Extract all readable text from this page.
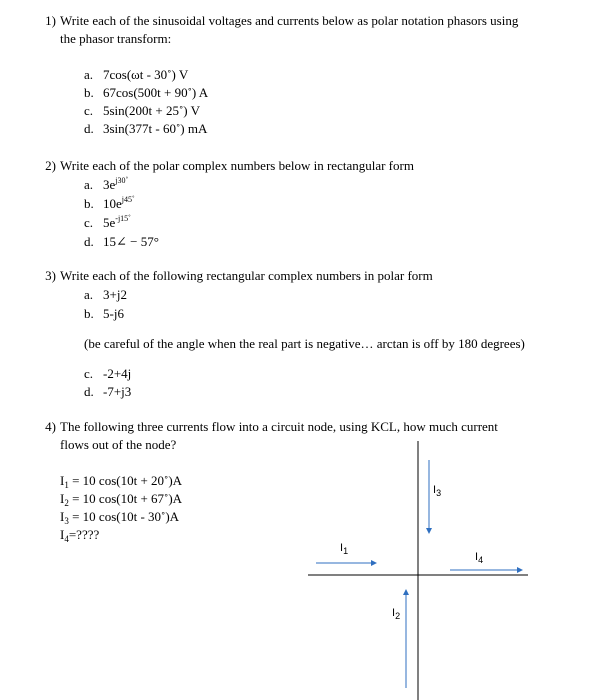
1) Write each of the sinusoidal voltages and currents below as polar notation phasors using
the phasor transform:
a. 7cos(ωt - 30˚) V
b. 67cos(500t + 90˚) A
c. 5sin(200t + 25˚) V
d. 3sin(377t - 60˚) mA
2) Write each of the polar complex numbers below in rectangular form
a. $3e^{j30˚}$
b. $10e^{j45˚}$
c. $5e^{-j15˚}$
d. 15∠ − 57°
3) Write each of the following rectangular complex numbers in polar form
a. 3+j2
b. 5-j6
(be careful of the angle when the real part is negative… arctan is off by 180 degrees)
c. -2+4j
d. -7+j3
4) The following three currents flow into a circuit node, using KCL, how much current
flows out of the node?
$I_1 = 10$ cos(10t + 20˚)A
$I_2 = 10$ cos(10t + 67˚)A
$I_3 = 10$ cos(10t - 30˚)A
$I_4=$????
$I_1$
$I_2$
$I_3$
$I_4$
